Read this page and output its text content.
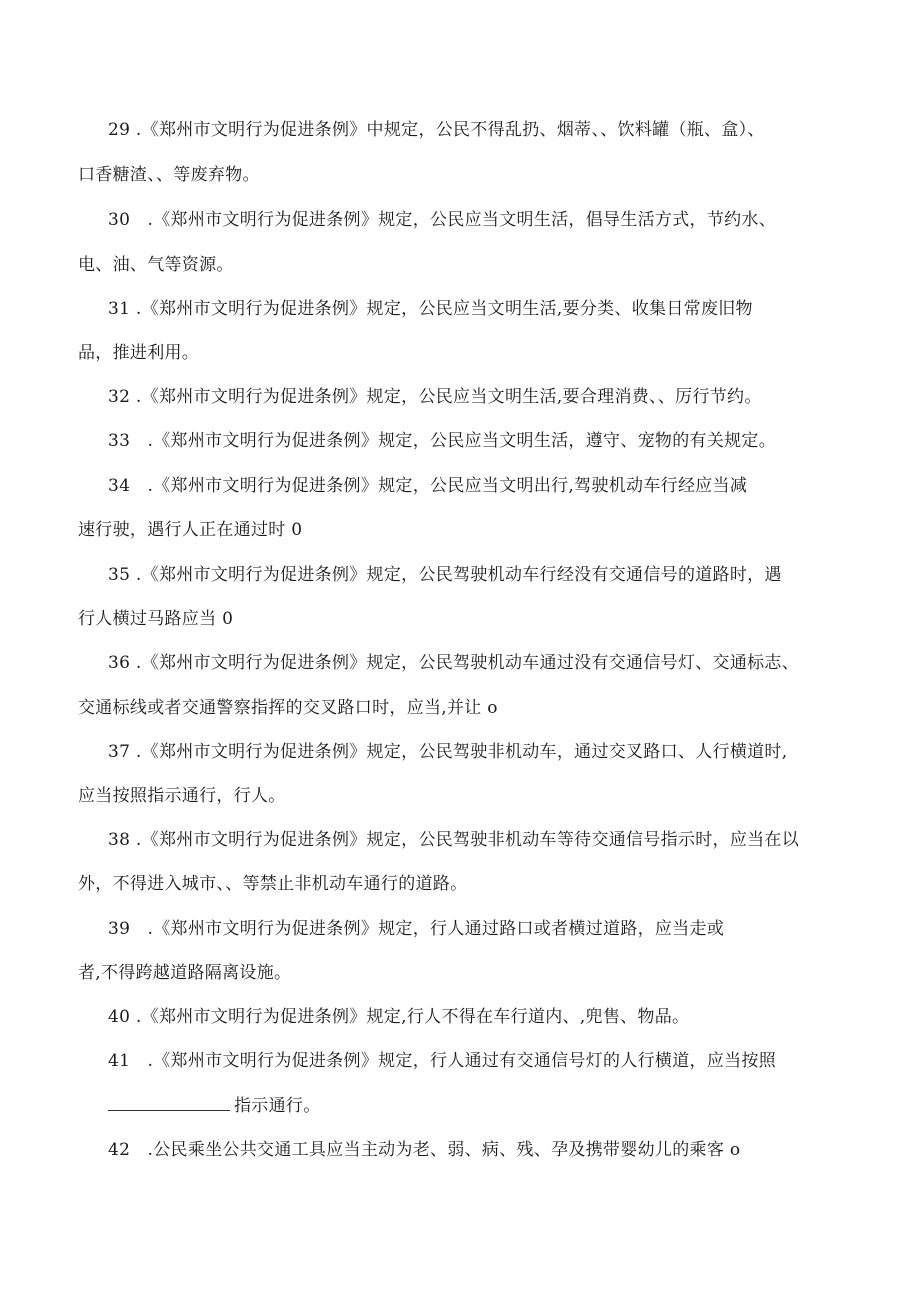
29 .《郑州市文明行为促进条例》中规定，公民不得乱扔、烟蒂、、饮料罐（瓶、盒）、
口香糖渣、、等废弃物。
30　.《郑州市文明行为促进条例》规定，公民应当文明生活，倡导生活方式，节约水、
电、油、气等资源。
31 .《郑州市文明行为促进条例》规定，公民应当文明生活,要分类、收集日常废旧物
品，推进利用。
32 .《郑州市文明行为促进条例》规定，公民应当文明生活,要合理消费、、厉行节约。
33　.《郑州市文明行为促进条例》规定，公民应当文明生活，遵守、宠物的有关规定。
34　.《郑州市文明行为促进条例》规定，公民应当文明出行,驾驶机动车行经应当减
速行驶，遇行人正在通过时 0
35 .《郑州市文明行为促进条例》规定，公民驾驶机动车行经没有交通信号的道路时，遇
行人横过马路应当 0
36 .《郑州市文明行为促进条例》规定，公民驾驶机动车通过没有交通信号灯、交通标志、
交通标线或者交通警察指挥的交叉路口时，应当,并让 o
37 .《郑州市文明行为促进条例》规定，公民驾驶非机动车，通过交叉路口、人行横道时,
应当按照指示通行，行人。
38 .《郑州市文明行为促进条例》规定，公民驾驶非机动车等待交通信号指示时，应当在以
外，不得进入城市、、等禁止非机动车通行的道路。
39　.《郑州市文明行为促进条例》规定，行人通过路口或者横过道路，应当走或
者,不得跨越道路隔离设施。
40 .《郑州市文明行为促进条例》规定,行人不得在车行道内、,兜售、物品。
41　.《郑州市文明行为促进条例》规定，行人通过有交通信号灯的人行横道，应当按照
指示通行。
42　.公民乘坐公共交通工具应当主动为老、弱、病、残、孕及携带婴幼儿的乘客 o
